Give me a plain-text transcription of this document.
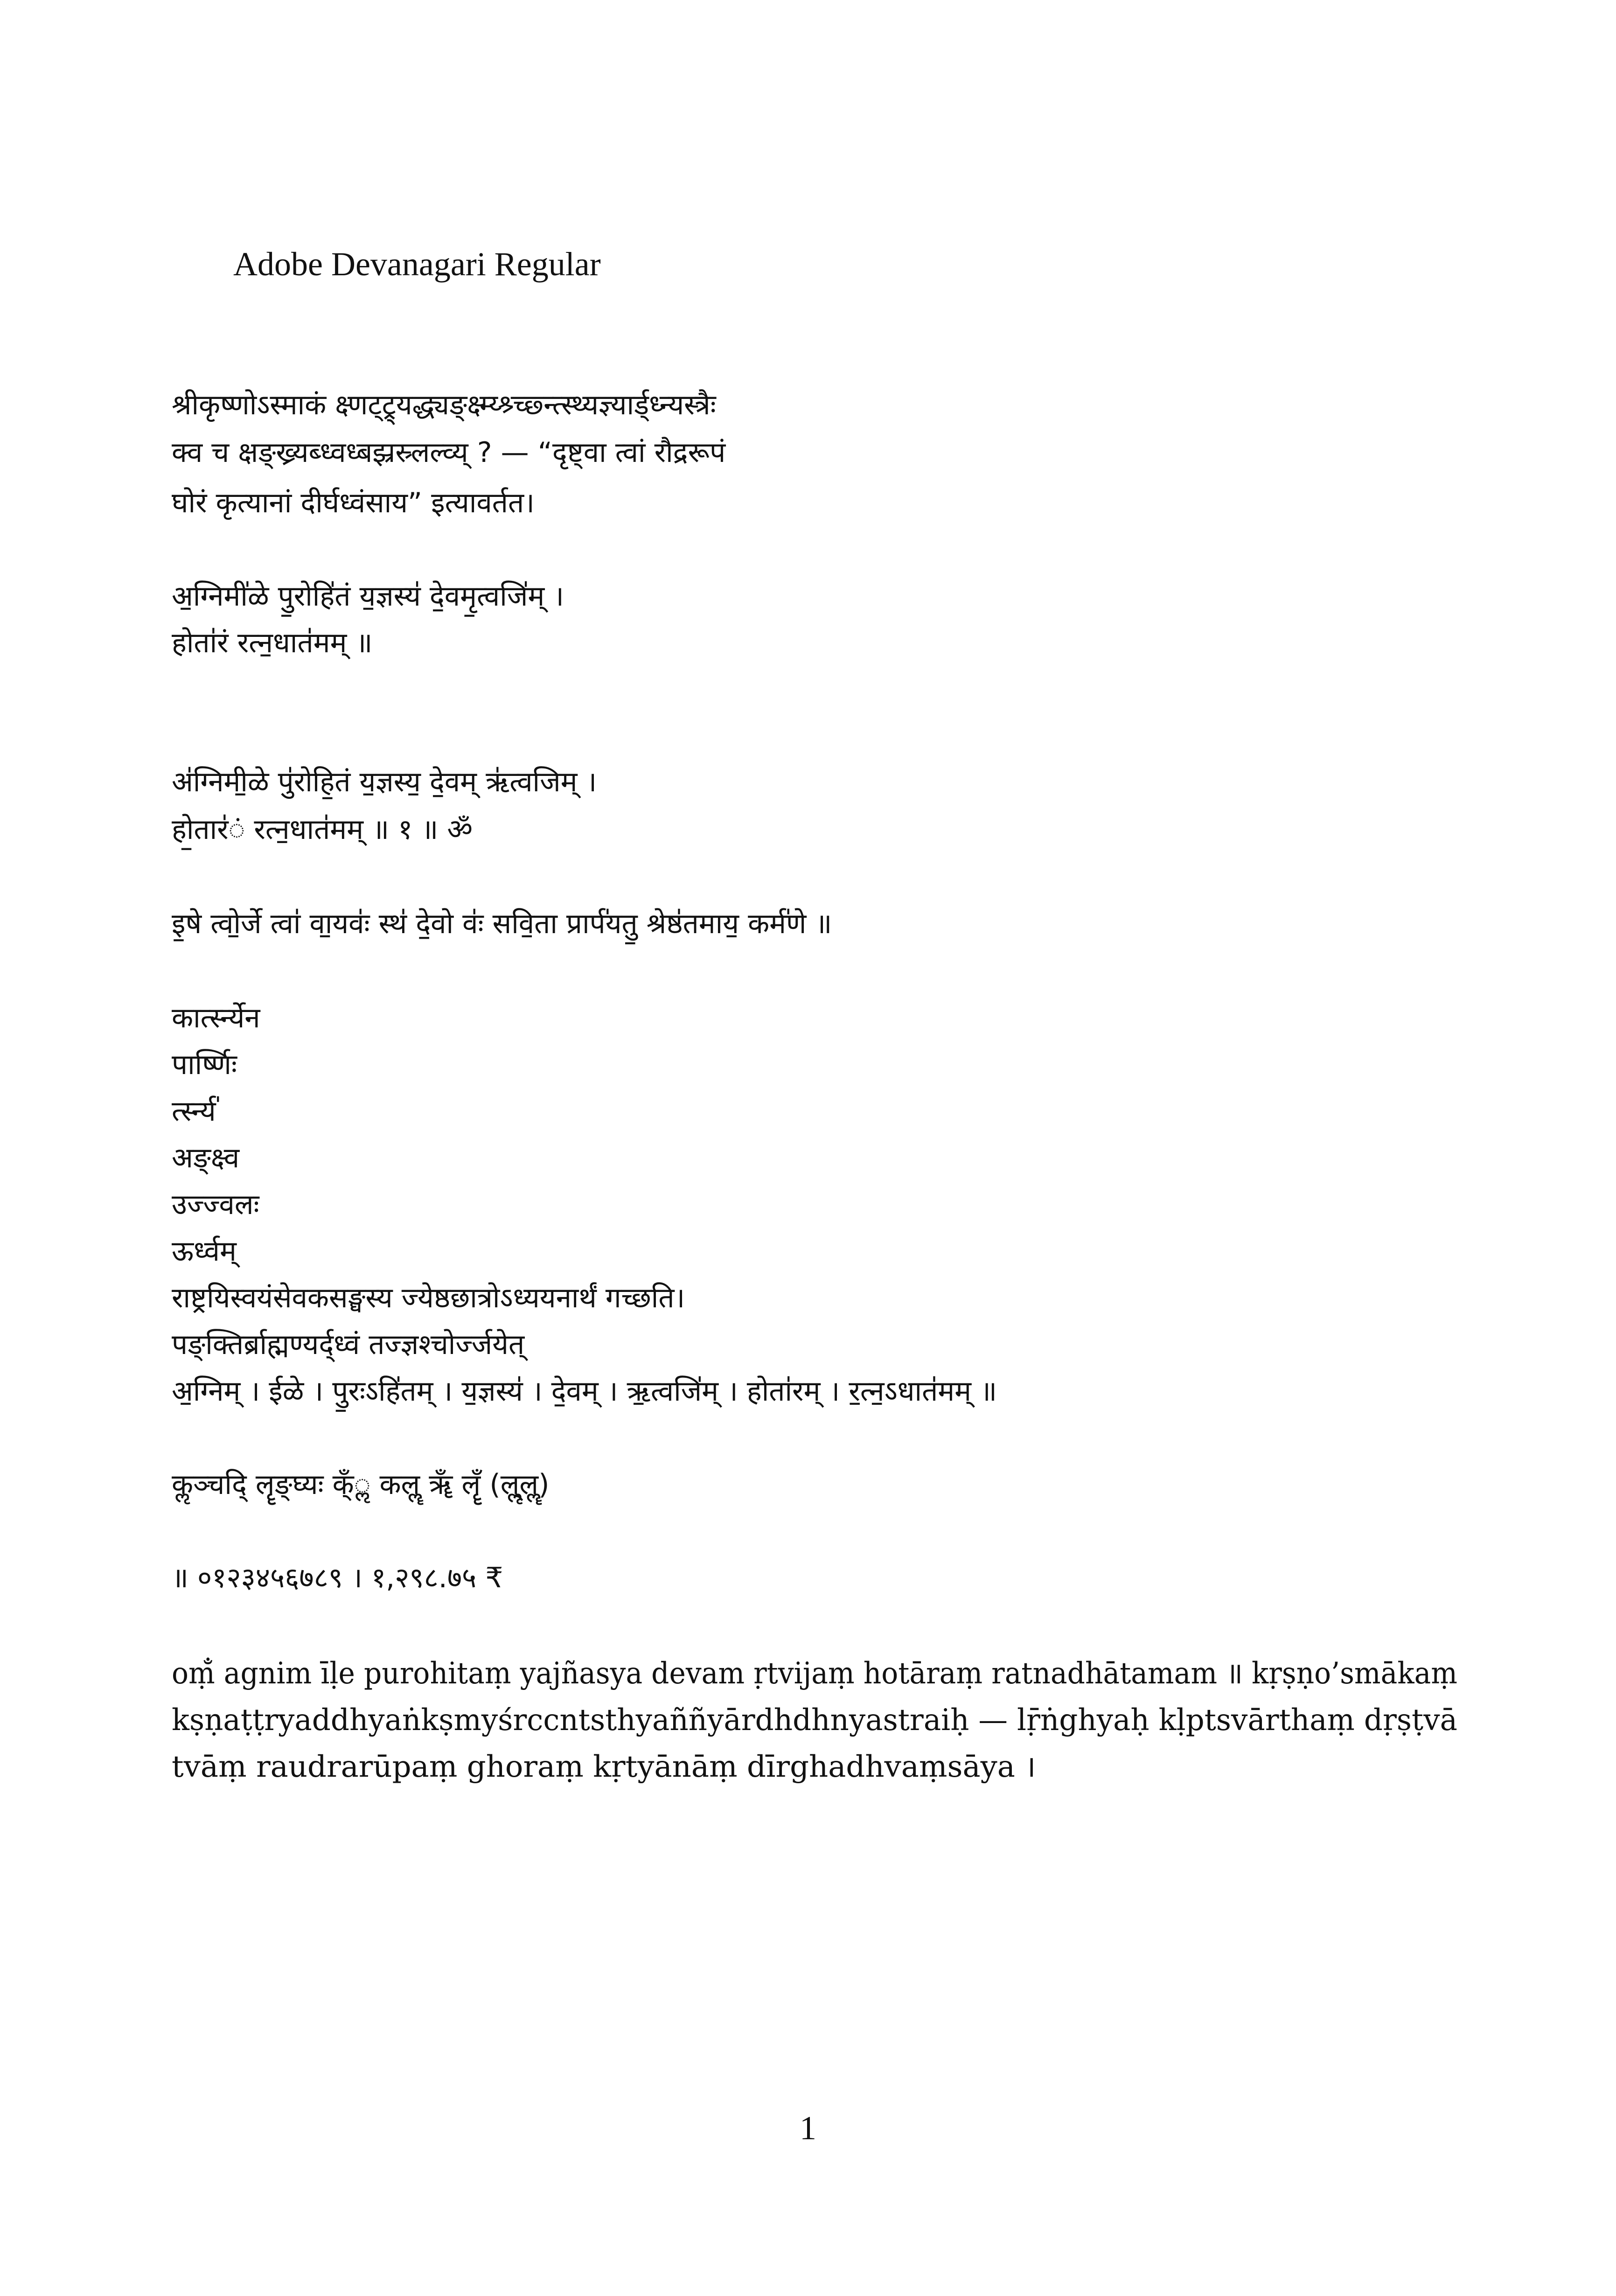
Adobe Devanagari Regular
श्रीकृष्णोऽस्माकं क्ष्णट्ट्र्यद्ध्यङ्क्ष्म्य्श्र्च्छ्न्त्स्थ्यज्ञ्यार्ड्ध्न्यस्त्रैः
क्व च क्षङ्ख्र्यब्ध्वध्बझ्रस्र्लल्व्य् ? — “दृष्ट्वा त्वां रौद्ररूपं
घोरं कृत्यानां दीर्घध्वंसाय” इत्यावर्तत।
अ॒ग्निमी॑ळे पु॒रोहि॑तं य॒ज्ञस्य॑ दे॒वमृ॒त्वजि॑म् ।
होता॑रं रत्न॒धात॑मम् ॥
अ॑ग्निमी॒ळे पु॑रोहि॒तं य॒ज्ञस्य॒ दे॒वम् ऋ॑त्वजिम् ।
हो॒तार॑ं रत्न॒धात॑मम् ॥ १ ॥ ॐ
इ॒षे त्वो॒र्जे त्वा॑ वा॒यवः॑ स्थ॑ दे॒वो वः॑ सवि॒ता प्रार्प॑यतु॒ श्रेष्ठ॑तमाय॒ कर्म॑णे ॥
कार्त्स्न्येन
पार्ष्णिः
र्त्स्न्य॑
अङ्क्ष्व
उज्ज्वलः
ऊर्ध्वम्
राष्ट्रयिस्वयंसेवकसङ्घस्य ज्येष्ठछात्रोऽध्ययनार्थं गच्छति।
पङ्क्तिर्ब्राह्मण्यर्द्ध्वं तज्ज्ञश्चोर्ज्जयेत्
अ॒ग्निम् । ईळे । पु॒रःऽहि॑तम् । य॒ज्ञस्य॑ । दे॒वम् । ऋ॒त्वजि॑म् । होता॑रम् । र॒त्न॒ऽधात॑मम् ॥
कॢञ्चदि् लॄङ्घ्यः क्ँॢ कलॣ ॠँ लॄँ (लॢ्लॣ)
॥ ०१२३४५६७८९ । १,२९८.७५ ₹
oṃ̐ agnim īḷe purohitaṃ yajñasya devam ṛtvijaṃ hotāraṃ ratnadhātamam ॥ kṛṣṇo’smākaṃ
kṣṇaṭṭryaddhyaṅkṣmyśrccntsthyaññyārdhdhnyastraiḥ — lṝṅghyaḥ kḷptsvārthaṃ dṛṣṭvā
tvāṃ raudrarūpaṃ ghoraṃ kṛtyānāṃ dīrghadhvaṃsāya ।
1
